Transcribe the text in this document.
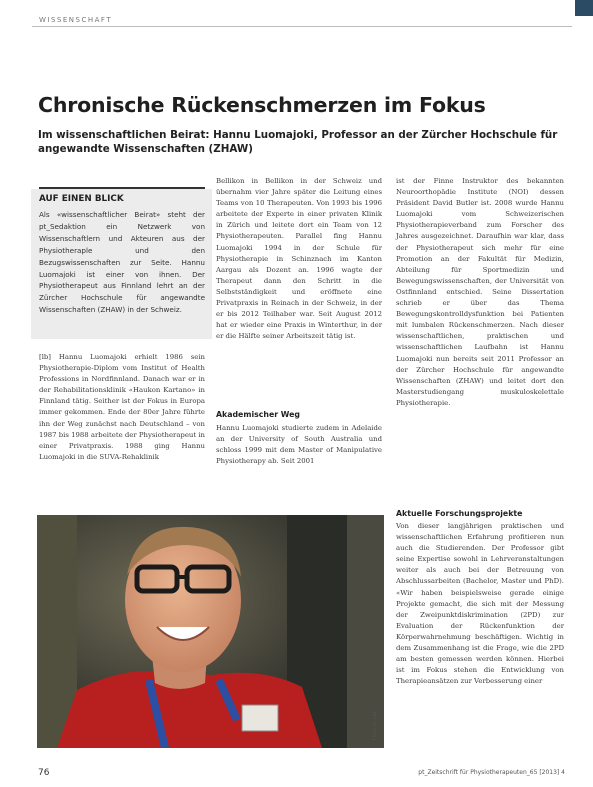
WISSENSCHAFT
Chronische Rückenschmerzen im Fokus
Im wissenschaftlichen Beirat: Hannu Luomajoki, Professor an der Zürcher Hochschule für angewandte Wissenschaften (ZHAW)
AUF EINEN BLICK
Als «wissenschaftlicher Beirat» steht der pt_Sedaktion ein Netzwerk von Wissenschaftlern und Akteuren aus der Physiotheraple und den Bezugswissenschaften zur Seite. Hannu Luomajoki ist einer von ihnen. Der Physiotherapeut aus Finnland lehrt an der Zürcher Hochschule für angewandte Wissenschaften (ZHAW) in der Schweiz.
[lb] Hannu Luomajoki erhielt 1986 sein Physiotherapie-Diplom vom Institut of Health Professions in Nordfinnland. Danach war er in der Rehabilitationsklinik «Haukon Kartano» in Finnland tätig. Seither ist der Fokus in Europa immer gekommen. Ende der 80er Jahre führte ihn der Weg zunächst nach Deutschland – von 1987 bis 1988 arbeitete der Physiotherapeut in einer Privatpraxis. 1988 ging Hannu Luomajoki in die SUVA-Rehaklinik
Bellikon in Bellikon in der Schweiz und übernahm vier Jahre später die Leitung eines Teams von 10 Therapeuten. Von 1993 bis 1996 arbeitete der Experte in einer privaten Klinik in Zürich und leitete dort ein Team von 12 Physiotherapeuten. Parallel fing Hannu Luomajoki 1994 in der Schule für Physiotherapie in Schinznach im Kanton Aargau als Dozent an. 1996 wagte der Therapeut dann den Schritt in die Selbstständigkeit und eröffnete eine Privatpraxis in Reinach in der Schweiz, in der er bis 2012 Teilhaber war. Seit August 2012 hat er wieder eine Praxis in Winterthur, in der er die Hälfte seiner Arbeitszeit tätig ist.
Akademischer Weg
Hannu Luomajoki studierte zudem in Adelaide an der University of South Australia und schloss 1999 mit dem Master of Manipulative Physiotherapy ab. Seit 2001
ist der Finne Instruktor des bekannten Neuroorthopädie Institute (NOI) dessen Präsident David Butler ist. 2008 wurde Hannu Luomajoki vom Schweizerischen Physiotherapieverband zum Forscher des Jahres ausgezeichnet. Daraufhin war klar, dass der Physiotherapeut sich mehr für eine Promotion an der Fakultät für Medizin, Abteilung für Sportmedizin und Bewegungswissenschaften, der Universität von Ostfinnland entschied. Seine Dissertation schrieb er über das Thema Bewegungskontrolldysfunktion bei Patienten mit lumbalen Rückenschmerzen. Nach dieser wissenschaftlichen, praktischen und wissenschaftlichen Laufbahn ist Hannu Luomajoki nun bereits seit 2011 Professor an der Zürcher Hochschule für angewandte Wissenschaften (ZHAW) und leitet dort den Masterstudiengang muskuloskelettale Physiotherapie.
Aktuelle Forschungsprojekte
Von dieser langjährigen praktischen und wissenschaftlichen Erfahrung profitieren nun auch die Studierenden. Der Professor gibt seine Expertise sowohl in Lehrveranstaltungen weiter als auch bei der Betreuung von Abschlussarbeiten (Bachelor, Master und PhD). «Wir haben beispielsweise gerade einige Projekte gemacht, die sich mit der Messung der Zweipunktdiskrimination (2PD) zur Evaluation der Rückenfunktion der Körperwahrnehmung beschäftigen. Wichtig in dem Zusammenhang ist die Frage, wie die 2PD am besten gemessen werden können. Hierbei ist im Fokus stehen die Entwicklung von Therapieansätzen zur Verbesserung einer
Foto: privat
76	pt_Zeitschrift für Physiotherapeuten_65 [2013] 4
